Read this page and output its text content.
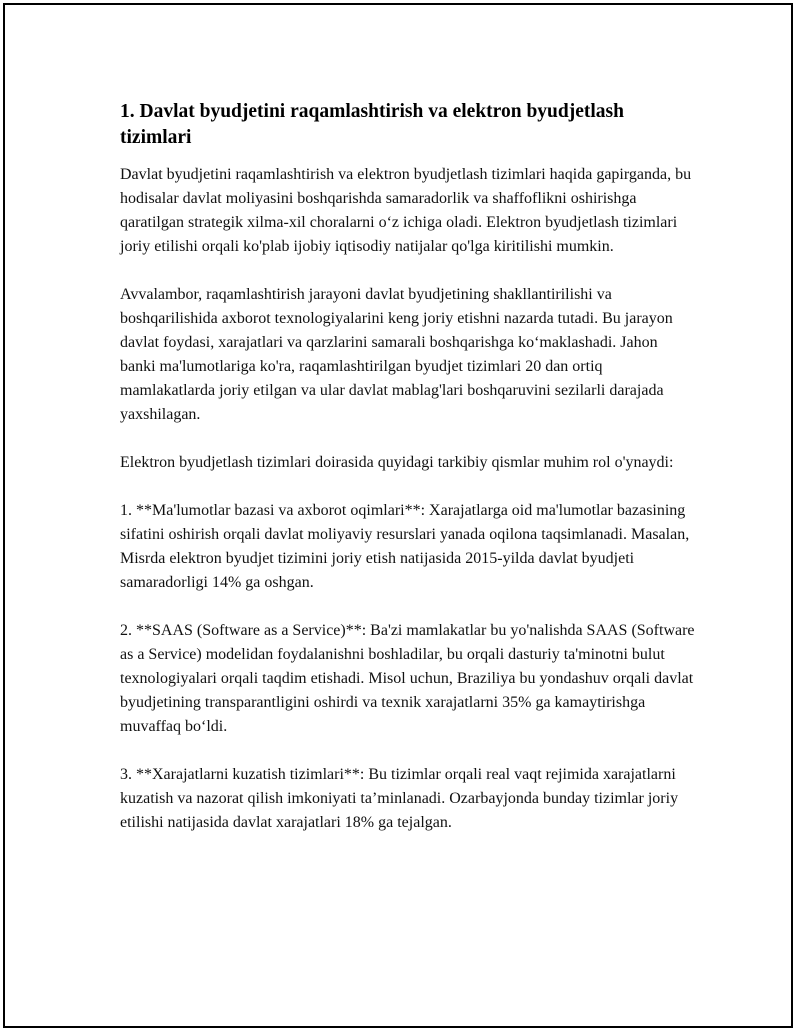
1. Davlat byudjetini raqamlashtirish va elektron byudjetlash tizimlari

Davlat byudjetini raqamlashtirish va elektron byudjetlash tizimlari haqida gapirganda, bu hodisalar davlat moliyasini boshqarishda samaradorlik va shaffoflikni oshirishga qaratilgan strategik xilma-xil choralarni o‘z ichiga oladi. Elektron byudjetlash tizimlari joriy etilishi orqali ko'plab ijobiy iqtisodiy natijalar qo'lga kiritilishi mumkin.

Avvalambor, raqamlashtirish jarayoni davlat byudjetining shakllantirilishi va boshqarilishida axborot texnologiyalarini keng joriy etishni nazarda tutadi. Bu jarayon davlat foydasi, xarajatlari va qarzlarini samarali boshqarishga ko‘maklashadi. Jahon banki ma'lumotlariga ko'ra, raqamlashtirilgan byudjet tizimlari 20 dan ortiq mamlakatlarda joriy etilgan va ular davlat mablag'lari boshqaruvini sezilarli darajada yaxshilagan.

Elektron byudjetlash tizimlari doirasida quyidagi tarkibiy qismlar muhim rol o'ynaydi:

1. **Ma'lumotlar bazasi va axborot oqimlari**: Xarajatlarga oid ma'lumotlar bazasining sifatini oshirish orqali davlat moliyaviy resurslari yanada oqilona taqsimlanadi. Masalan, Misrda elektron byudjet tizimini joriy etish natijasida 2015-yilda davlat byudjeti samaradorligi 14% ga oshgan.

2. **SAAS (Software as a Service)**: Ba'zi mamlakatlar bu yo'nalishda SAAS (Software as a Service) modelidan foydalanishni boshladilar, bu orqali dasturiy ta'minotni bulut texnologiyalari orqali taqdim etishadi. Misol uchun, Braziliya bu yondashuv orqali davlat byudjetining transparantligini oshirdi va texnik xarajatlarni 35% ga kamaytirishga muvaffaq bo‘ldi.

3. **Xarajatlarni kuzatish tizimlari**: Bu tizimlar orqali real vaqt rejimida xarajatlarni kuzatish va nazorat qilish imkoniyati ta’minlanadi. Ozarbayjonda bunday tizimlar joriy etilishi natijasida davlat xarajatlari 18% ga tejalgan.
